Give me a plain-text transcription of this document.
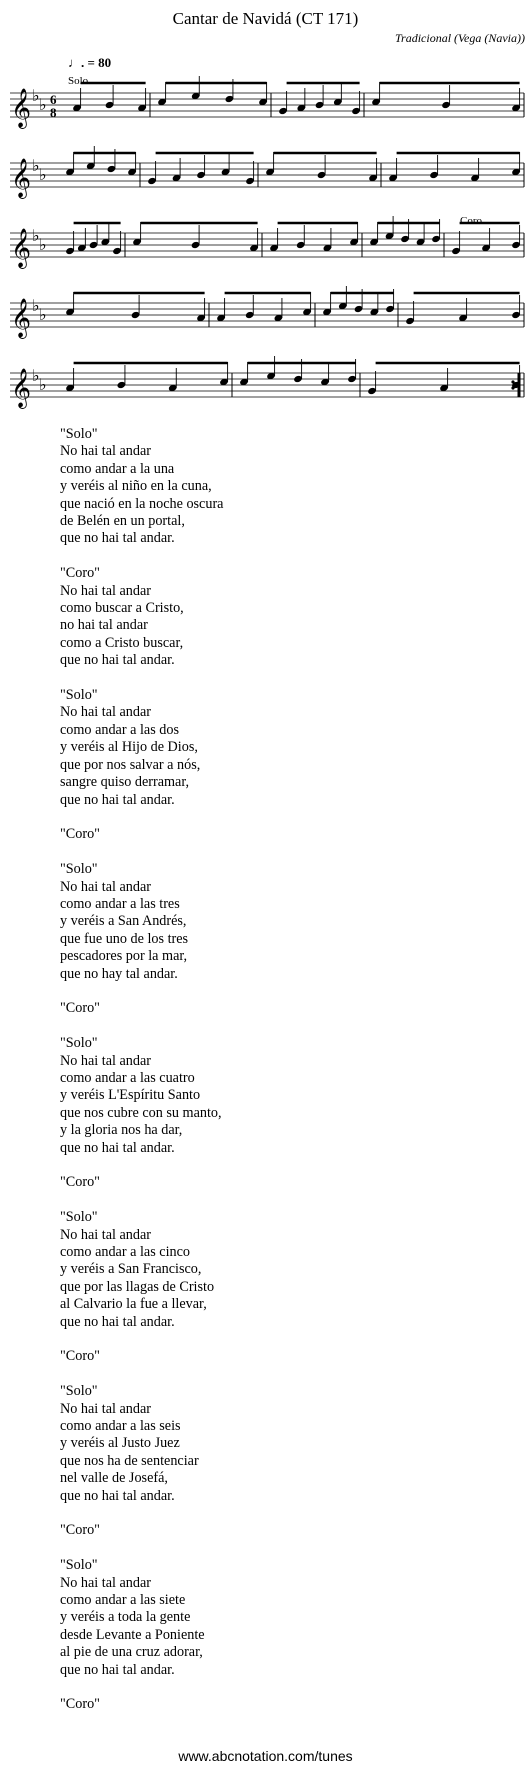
Cantar de Navidá (CT 171)
Tradicional (Vega (Navia))
♩. = 80
Solo
Coro
𝄞 ♭
♭ 6
8
𝄞 ♭
♭
𝄞 ♭
♭
𝄞 ♭
♭
𝄞 ♭
♭
"Solo"
No hai tal andar
como andar a la una
y veréis al niño en la cuna,
que nació en la noche oscura
de Belén en un portal,
que no hai tal andar.
"Coro"
No hai tal andar
como buscar a Cristo,
no hai tal andar
como a Cristo buscar,
que no hai tal andar.
"Solo"
No hai tal andar
como andar a las dos
y veréis al Hijo de Dios,
que por nos salvar a nós,
sangre quiso derramar,
que no hai tal andar.
"Coro"
"Solo"
No hai tal andar
como andar a las tres
y veréis a San Andrés,
que fue uno de los tres
pescadores por la mar,
que no hay tal andar.
"Coro"
"Solo"
No hai tal andar
como andar a las cuatro
y veréis L'Espíritu Santo
que nos cubre con su manto,
y la gloria nos ha dar,
que no hai tal andar.
"Coro"
"Solo"
No hai tal andar
como andar a las cinco
y veréis a San Francisco,
que por las llagas de Cristo
al Calvario la fue a llevar,
que no hai tal andar.
"Coro"
"Solo"
No hai tal andar
como andar a las seis
y veréis al Justo Juez
que nos ha de sentenciar
nel valle de Josefá,
que no hai tal andar.
"Coro"
"Solo"
No hai tal andar
como andar a las siete
y veréis a toda la gente
desde Levante a Poniente
al pie de una cruz adorar,
que no hai tal andar.
"Coro"
www.abcnotation.com/tunes
